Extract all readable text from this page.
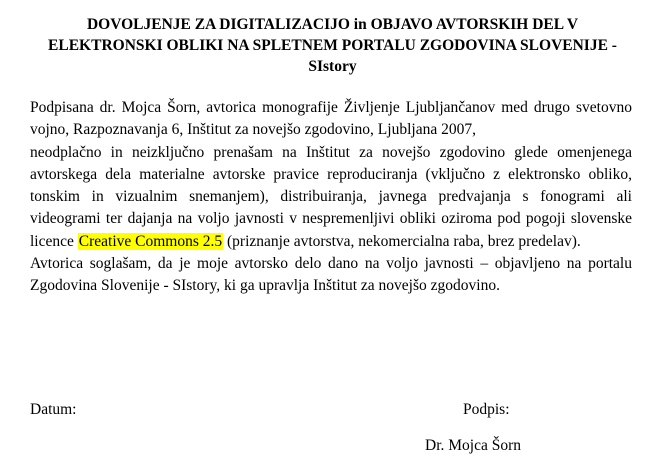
DOVOLJENJE ZA DIGITALIZACIJO in OBJAVO AVTORSKIH DEL V
ELEKTRONSKI OBLIKI NA SPLETNEM PORTALU ZGODOVINA SLOVENIJE -
SIstory

Podpisana dr. Mojca Šorn, avtorica monografije Življenje Ljubljančanov med drugo svetovno vojno, Razpoznavanja 6, Inštitut za novejšo zgodovino, Ljubljana 2007,

neodplačno in neizključno prenašam na Inštitut za novejšo zgodovino glede omenjenega avtorskega dela materialne avtorske pravice reproduciranja (vključno z elektronsko obliko, tonskim in vizualnim snemanjem), distribuiranja, javnega predvajanja s fonogrami ali videogrami ter dajanja na voljo javnosti v nespremenljivi obliki oziroma pod pogoji slovenske licence Creative Commons 2.5 (priznanje avtorstva, nekomercialna raba, brez predelav).

Avtorica soglašam, da je moje avtorsko delo dano na voljo javnosti – objavljeno na portalu Zgodovina Slovenije - SIstory, ki ga upravlja Inštitut za novejšo zgodovino.

Datum:	Podpis:
Dr. Mojca Šorn
